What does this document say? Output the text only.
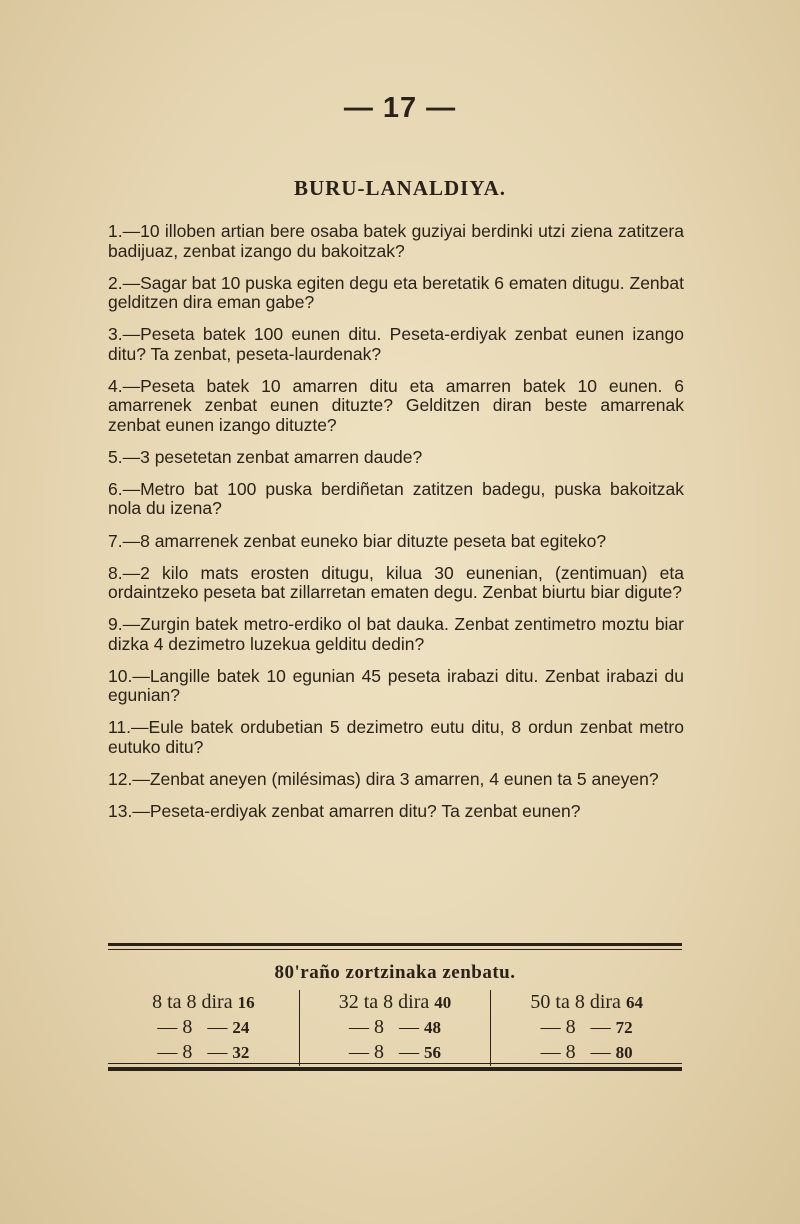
— 17 —
BURU-LANALDIYA.

1.—10 illoben artian bere osaba batek guziyai berdinki utzi ziena zatitzera badijuaz, zenbat izango du bakoitzak?

2.—Sagar bat 10 puska egiten degu eta beretatik 6 ematen ditugu. Zenbat gelditzen dira eman gabe?

3.—Peseta batek 100 eunen ditu. Peseta-erdiyak zenbat eunen izango ditu? Ta zenbat, peseta-laurdenak?

4.—Peseta batek 10 amarren ditu eta amarren batek 10 eunen. 6 amarrenek zenbat eunen dituzte? Gelditzen diran beste amarrenak zenbat eunen izango dituzte?

5.—3 pesetetan zenbat amarren daude?

6.—Metro bat 100 puska berdiñetan zatitzen badegu, puska bakoitzak nola du izena?

7.—8 amarrenek zenbat euneko biar dituzte peseta bat egiteko?

8.—2 kilo mats erosten ditugu, kilua 30 eunenian, (zentimuan) eta ordaintzeko peseta bat zillarretan ematen degu. Zenbat biurtu biar digute?

9.—Zurgin batek metro-erdiko ol bat dauka. Zenbat zentimetro moztu biar dizka 4 dezimetro luzekua gelditu dedin?

10.—Langille batek 10 egunian 45 peseta irabazi ditu. Zenbat irabazi du egunian?

11.—Eule batek ordubetian 5 dezimetro eutu ditu, 8 ordun zenbat metro eutuko ditu?

12.—Zenbat aneyen (milésimas) dira 3 amarren, 4 eunen ta 5 aneyen?

13.—Peseta-erdiyak zenbat amarren ditu? Ta zenbat eunen?

80'raño zortzinaka zenbatu.
8 ta 8 dira 16
— 8   — 24
— 8   — 32
32 ta 8 dira 40
— 8   — 48
— 8   — 56
50 ta 8 dira 64
— 8   — 72
— 8   — 80
